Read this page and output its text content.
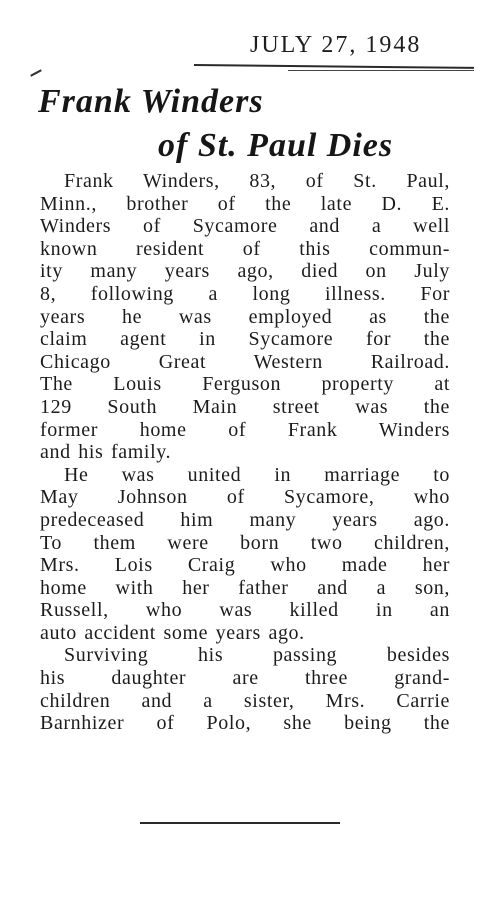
JULY 27, 1948
Frank Winders
of St. Paul Dies
Frank Winders, 83, of St. Paul,
Minn., brother of the late D. E.
Winders of Sycamore and a well
known resident of this commun-
ity many years ago, died on July
8, following a long illness. For
years he was employed as the
claim agent in Sycamore for the
Chicago Great Western Railroad.
The Louis Ferguson property at
129 South Main street was the
former home of Frank Winders
and his family.
He was united in marriage to
May Johnson of Sycamore, who
predeceased him many years ago.
To them were born two children,
Mrs. Lois Craig who made her
home with her father and a son,
Russell, who was killed in an
auto accident some years ago.
Surviving his passing besides
his daughter are three grand-
children and a sister, Mrs. Carrie
Barnhizer of Polo, she being the
